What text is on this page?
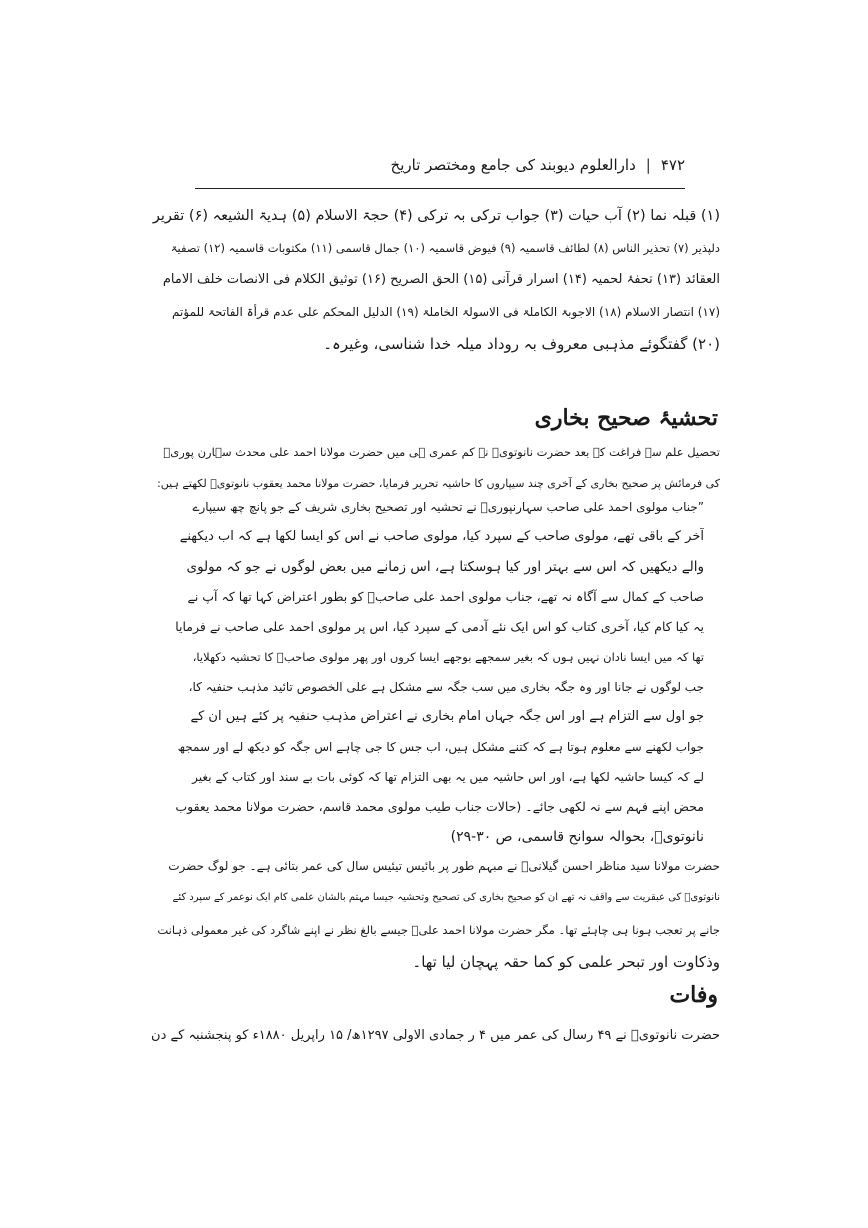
۴۷۲
|
دارالعلوم دیوبند کی جامع ومختصر تاریخ
(۱) قبلہ نما (۲) آب حیات (۳) جواب ترکی بہ ترکی (۴) حجۃ الاسلام (۵) ہدیۃ الشیعہ (۶) تقریر
دلپذیر (۷) تحذیر الناس (۸) لطائف قاسمیہ (۹) فیوض قاسمیہ (۱۰) جمال قاسمی (۱۱) مکتوبات قاسمیہ (۱۲) تصفیۃ
العقائد (۱۳) تحفۂ لحمیہ (۱۴) اسرار قرآنی (۱۵) الحق الصریح (۱۶) توثیق الکلام فی الانصات خلف الامام
(۱۷) انتصار الاسلام (۱۸) الاجوبۃ الکاملۃ فی الاسولۃ الخاملۃ (۱۹) الدلیل المحکم علی عدم قرأۃ الفاتحۃ للمؤتم
(۲۰) گفتگوئے مذہبی معروف بہ روداد میلہ خدا شناسی، وغیرہ۔
تحشیۂ صحیح بخاری
تحصیل علم سے فراغت کے بعد حضرت نانوتویؒ نے کم عمری ہی میں حضرت مولانا احمد علی محدث سہارن پوریؒ
کی فرمائش پر صحیح بخاری کے آخری چند سیپاروں کا حاشیہ تحریر فرمایا، حضرت مولانا محمد یعقوب نانوتویؒ لکھتے ہیں:
”جناب مولوی احمد علی صاحب سہارنپوریؒ نے تحشیہ اور تصحیح بخاری شریف کے جو پانچ چھ سیپارے
آخر کے باقی تھے، مولوی صاحب کے سپرد کیا، مولوی صاحب نے اس کو ایسا لکھا ہے کہ اب دیکھنے
والے دیکھیں کہ اس سے بہتر اور کیا ہوسکتا ہے، اس زمانے میں بعض لوگوں نے جو کہ مولوی
صاحب کے کمال سے آگاہ نہ تھے، جناب مولوی احمد علی صاحبؒ کو بطور اعتراض کہا تھا کہ آپ نے
یہ کیا کام کیا، آخری کتاب کو اس ایک نئے آدمی کے سپرد کیا، اس پر مولوی احمد علی صاحب نے فرمایا
تھا کہ میں ایسا نادان نہیں ہوں کہ بغیر سمجھے بوجھے ایسا کروں اور پھر مولوی صاحبؒ کا تحشیہ دکھلایا،
جب لوگوں نے جانا اور وہ جگہ بخاری میں سب جگہ سے مشکل ہے علی الخصوص تائید مذہب حنفیہ کا،
جو اول سے التزام ہے اور اس جگہ جہاں امام بخاری نے اعتراض مذہب حنفیہ پر کئے ہیں ان کے
جواب لکھنے سے معلوم ہوتا ہے کہ کتنے مشکل ہیں، اب جس کا جی چاہے اس جگہ کو دیکھ لے اور سمجھ
لے کہ کیسا حاشیہ لکھا ہے، اور اس حاشیہ میں یہ بھی التزام تھا کہ کوئی بات بے سند اور کتاب کے بغیر
محض اپنے فہم سے نہ لکھی جائے۔ (حالات جناب طیب مولوی محمد قاسم، حضرت مولانا محمد یعقوب
نانوتویؒ، بحوالہ سوانح قاسمی، ص ۳۰-۲۹)
حضرت مولانا سید مناظر احسن گیلانیؒ نے مبہم طور پر بائیس تیئیس سال کی عمر بتائی ہے۔ جو لوگ حضرت
نانوتویؒ کی عبقریت سے واقف نہ تھے ان کو صحیح بخاری کی تصحیح وتحشیہ جیسا مہتم بالشان علمی کام ایک نوعمر کے سپرد کئے
جانے پر تعجب ہونا ہی چاہئے تھا۔ مگر حضرت مولانا احمد علیؒ جیسے بالغ نظر نے اپنے شاگرد کی غیر معمولی ذہانت
وذکاوت اور تبحر علمی کو کما حقہ پہچان لیا تھا۔
وفات
حضرت نانوتویؒ نے ۴۹ رسال کی عمر میں ۴ ر جمادی الاولی ۱۲۹۷ھ/ ۱۵ راپریل ۱۸۸۰ء کو پنجشنبہ کے دن
